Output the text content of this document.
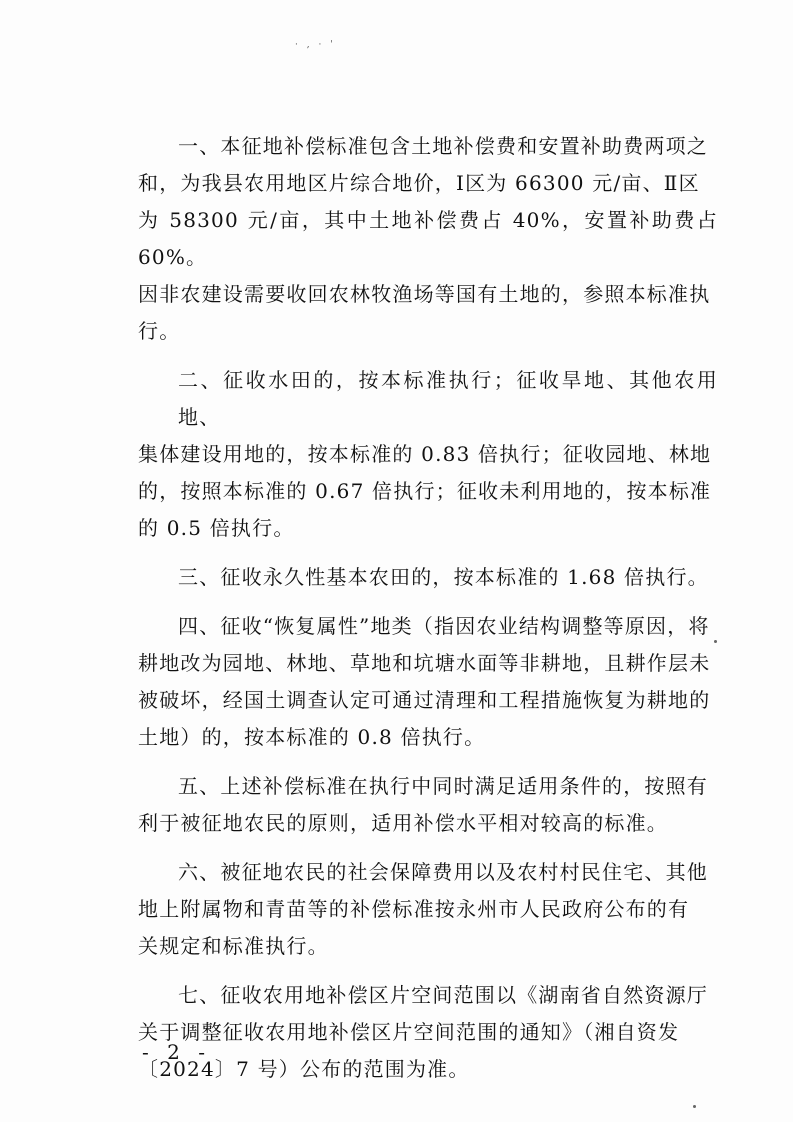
· , · '

一、本征地补偿标准包含土地补偿费和安置补助费两项之
和，为我县农用地区片综合地价，Ⅰ区为 66300 元/亩、Ⅱ区
为 58300 元/亩，其中土地补偿费占 40%，安置补助费占 60%。
因非农建设需要收回农林牧渔场等国有土地的，参照本标准执
行。

二、征收水田的，按本标准执行；征收旱地、其他农用地、
集体建设用地的，按本标准的 0.83 倍执行；征收园地、林地
的，按照本标准的 0.67 倍执行；征收未利用地的，按本标准
的 0.5 倍执行。

三、征收永久性基本农田的，按本标准的 1.68 倍执行。

四、征收“恢复属性”地类（指因农业结构调整等原因，将
耕地改为园地、林地、草地和坑塘水面等非耕地，且耕作层未
被破坏，经国土调查认定可通过清理和工程措施恢复为耕地的
土地）的，按本标准的 0.8 倍执行。

五、上述补偿标准在执行中同时满足适用条件的，按照有
利于被征地农民的原则，适用补偿水平相对较高的标准。

六、被征地农民的社会保障费用以及农村村民住宅、其他
地上附属物和青苗等的补偿标准按永州市人民政府公布的有
关规定和标准执行。

七、征收农用地补偿区片空间范围以《湖南省自然资源厅
关于调整征收农用地补偿区片空间范围的通知》（湘自资发
〔2024〕7 号）公布的范围为准。

- 2 -
